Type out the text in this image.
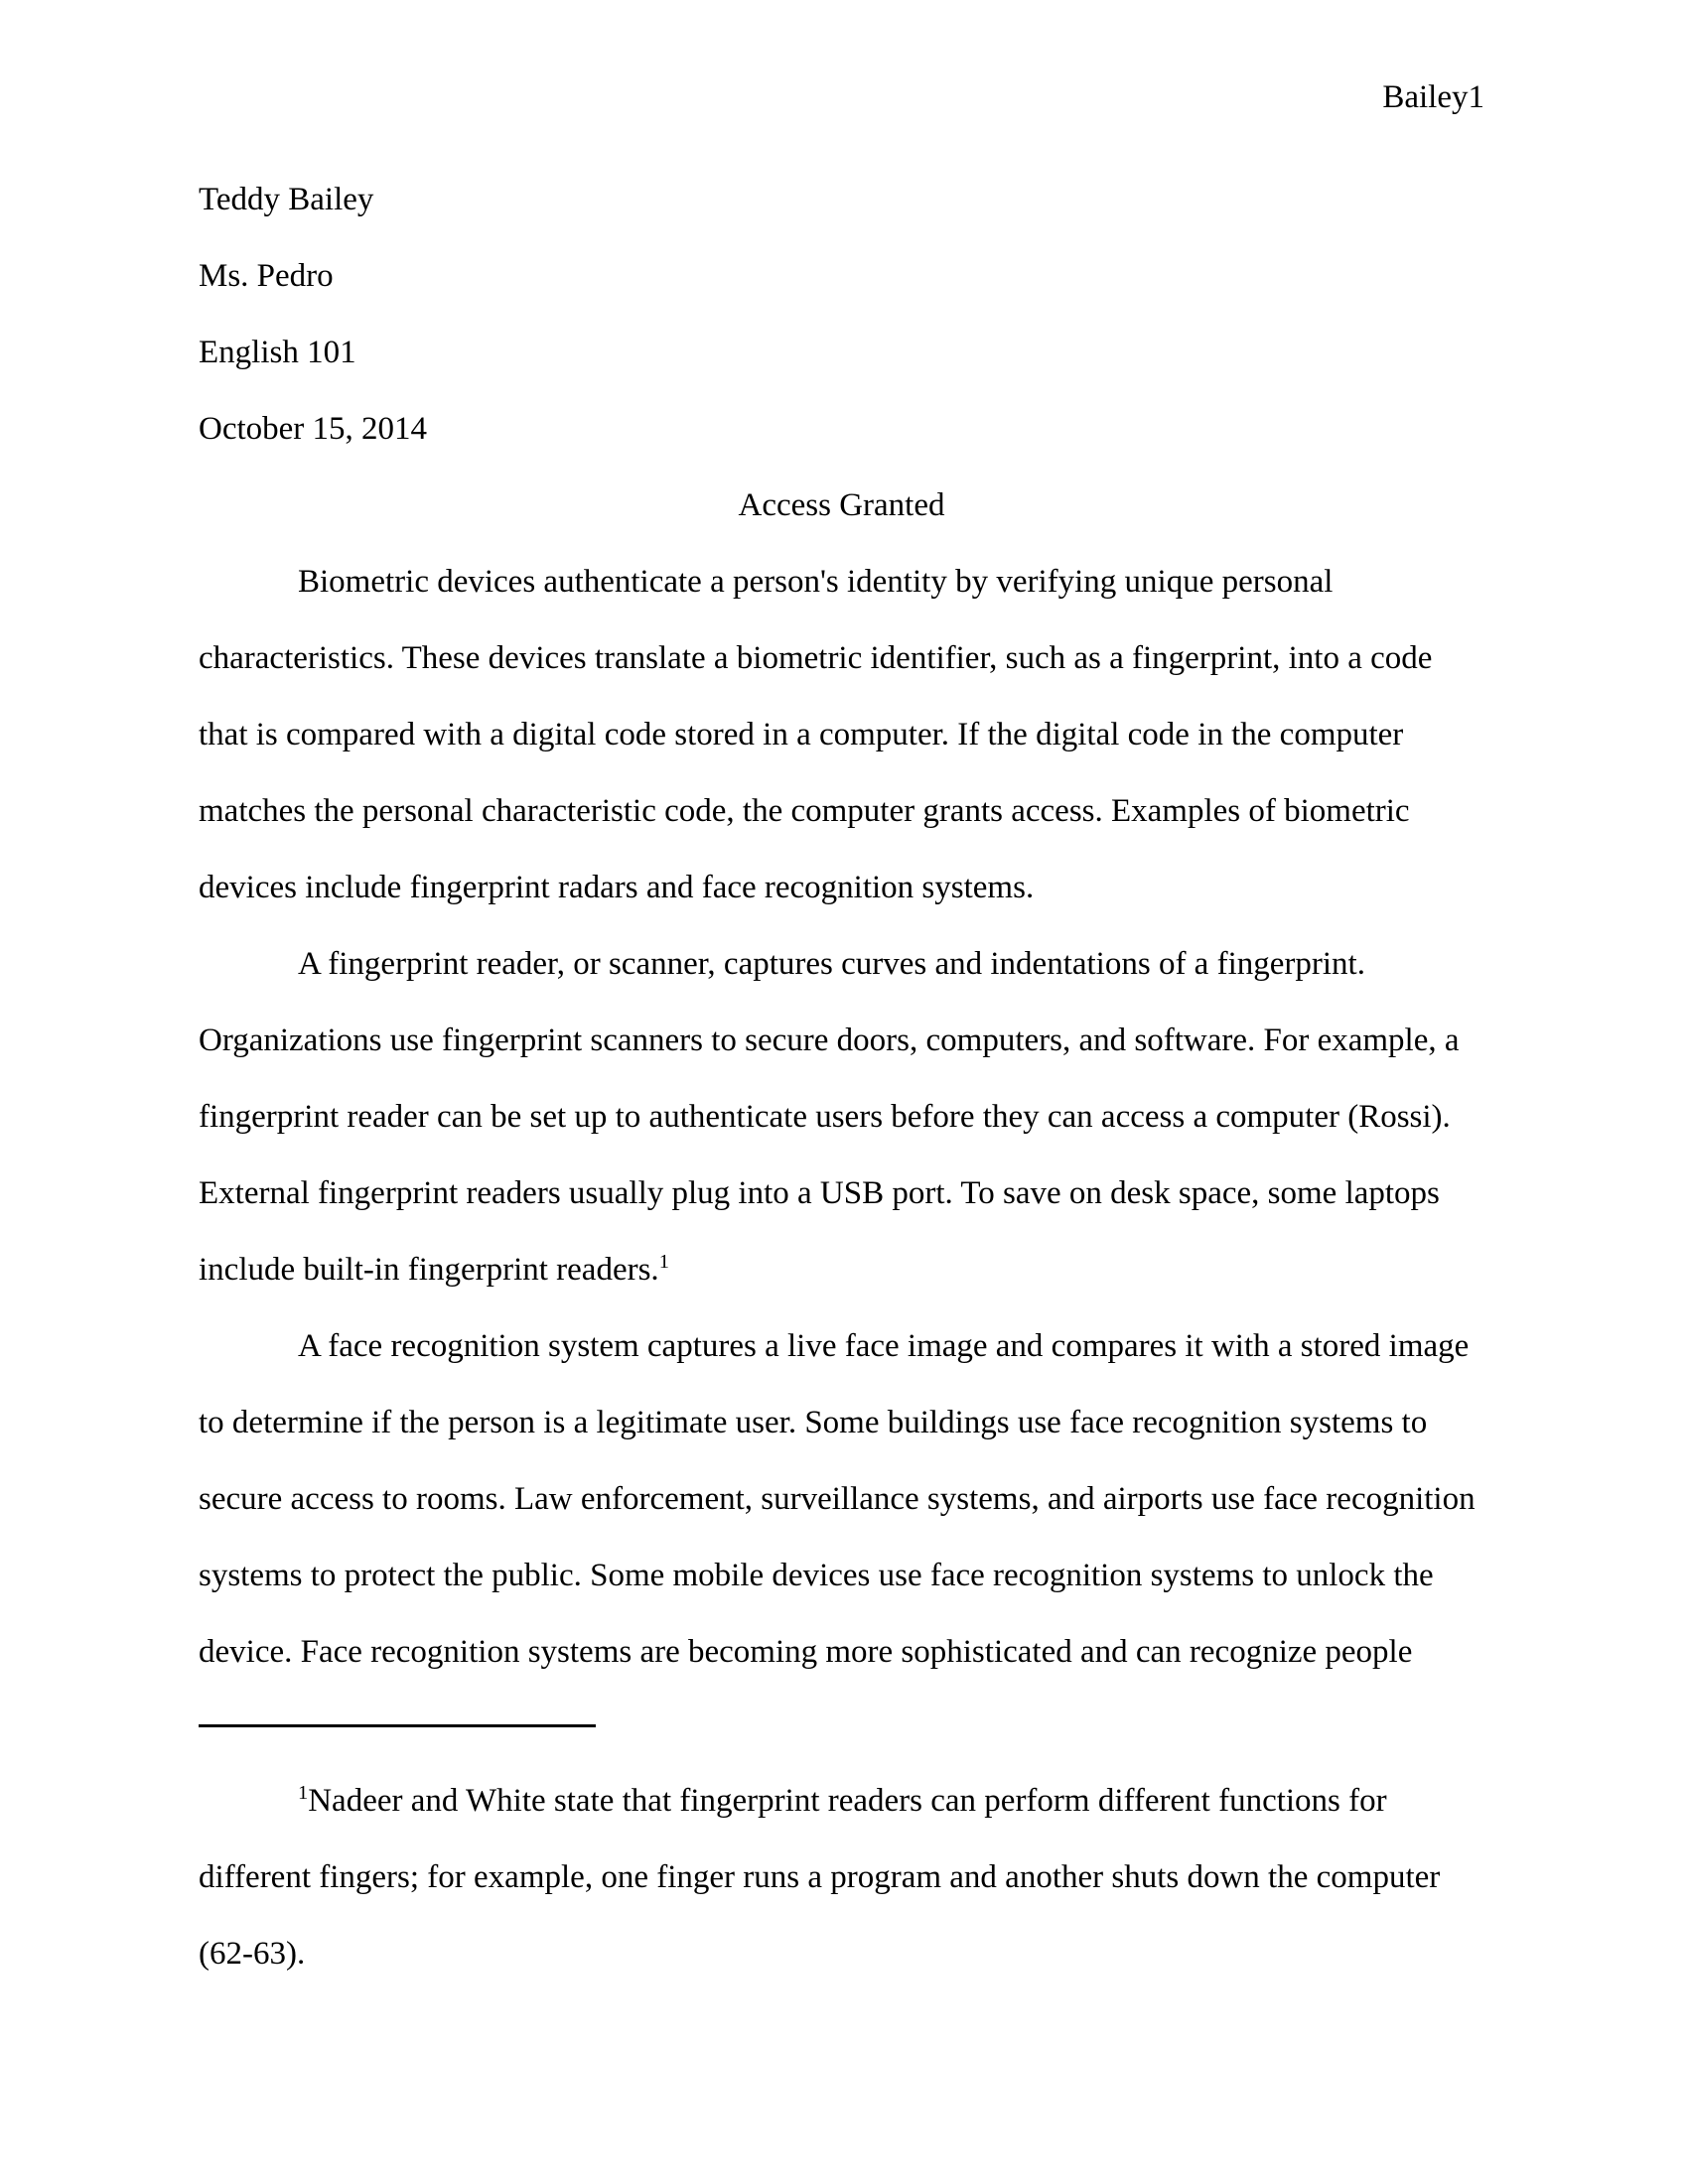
Bailey1

Teddy Bailey

Ms. Pedro

English 101

October 15, 2014

Access Granted

Biometric devices authenticate a person's identity by verifying unique personal characteristics. These devices translate a biometric identifier, such as a fingerprint, into a code that is compared with a digital code stored in a computer. If the digital code in the computer matches the personal characteristic code, the computer grants access. Examples of biometric devices include fingerprint radars and face recognition systems.

A fingerprint reader, or scanner, captures curves and indentations of a fingerprint. Organizations use fingerprint scanners to secure doors, computers, and software. For example, a fingerprint reader can be set up to authenticate users before they can access a computer (Rossi). External fingerprint readers usually plug into a USB port. To save on desk space, some laptops include built-in fingerprint readers.$^1$

A face recognition system captures a live face image and compares it with a stored image to determine if the person is a legitimate user. Some buildings use face recognition systems to secure access to rooms. Law enforcement, surveillance systems, and airports use face recognition systems to protect the public. Some mobile devices use face recognition systems to unlock the device. Face recognition systems are becoming more sophisticated and can recognize people

$^1$Nadeer and White state that fingerprint readers can perform different functions for different fingers; for example, one finger runs a program and another shuts down the computer (62-63).
